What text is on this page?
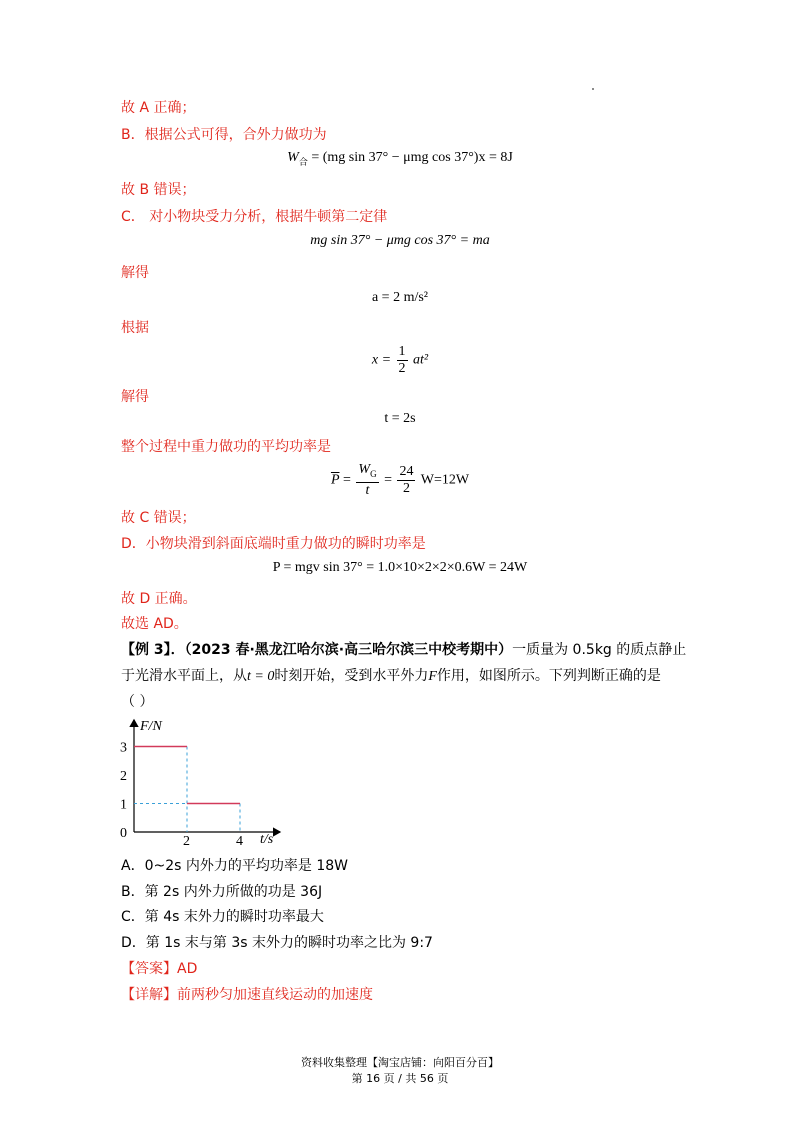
故 A 正确；
B．根据公式可得，合外力做功为
$W_合 = (mg$ sin 37° − μmg cos 37°)x = 8J
故 B 错误；
C． 对小物块受力分析，根据牛顿第二定律
mg sin 37° − μmg cos 37° = ma
解得
a = 2 m/s²
根据
$x = \frac{1}{2} at^2$
解得
t = 2s
整个过程中重力做功的平均功率是
$\overline{P} = \frac{W_G}{t} = \frac{24}{2} W=12W$
故 C 错误；
D．小物块滑到斜面底端时重力做功的瞬时功率是
P = mgv sin 37° = 1.0×10×2×2×0.6W = 24W
故 D 正确。
故选 AD。
【例 3】．（2023 春·黑龙江哈尔滨·高三哈尔滨三中校考期中）一质量为 0.5kg 的质点静止
于光滑水平面上，从t = 0时刻开始，受到水平外力F作用，如图所示。下列判断正确的是
（ ）
F/N
t/s
3
2
1
0
2	4
A．0~2s 内外力的平均功率是 18W
B．第 2s 内外力所做的功是 36J
C．第 4s 末外力的瞬时功率最大
D．第 1s 末与第 3s 末外力的瞬时功率之比为 9:7
【答案】AD
【详解】前两秒匀加速直线运动的加速度
资料收集整理【淘宝店铺：向阳百分百】
第 16 页 / 共 56 页
